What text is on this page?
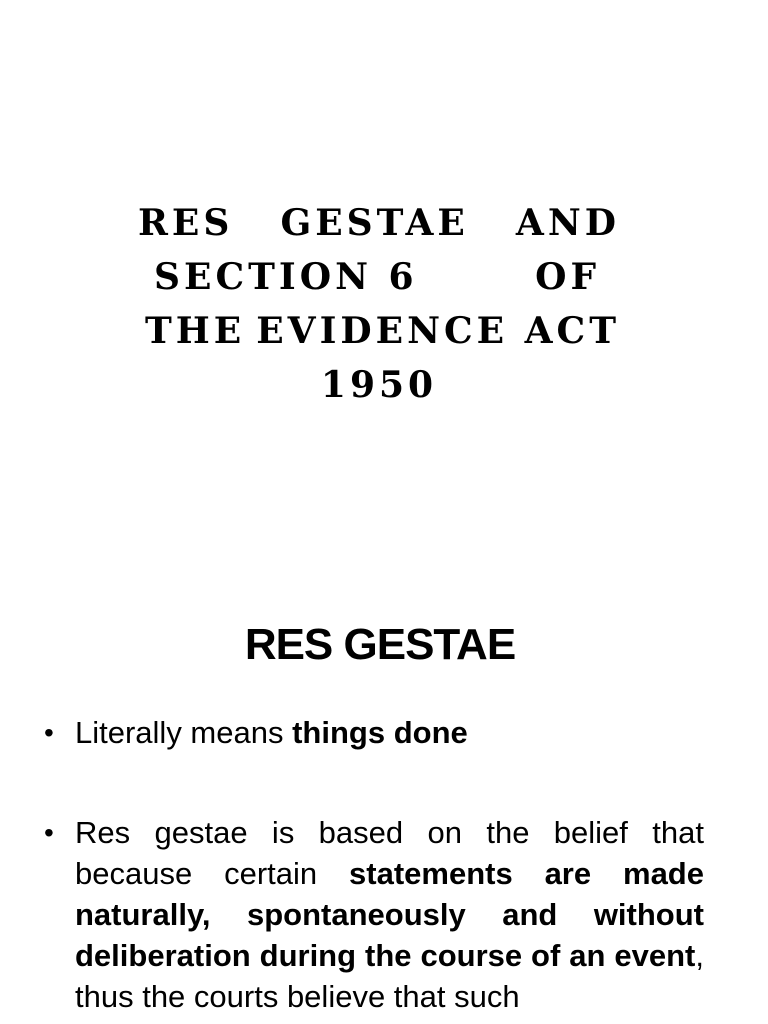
RES GESTAE AND
SECTION 6	OF
THE EVIDENCE ACT
1950
RES GESTAE
• Literally means things done
• Res gestae is based on the belief that because certain statements are made naturally, spontaneously and without deliberation during the course of an event, thus the courts believe that such
